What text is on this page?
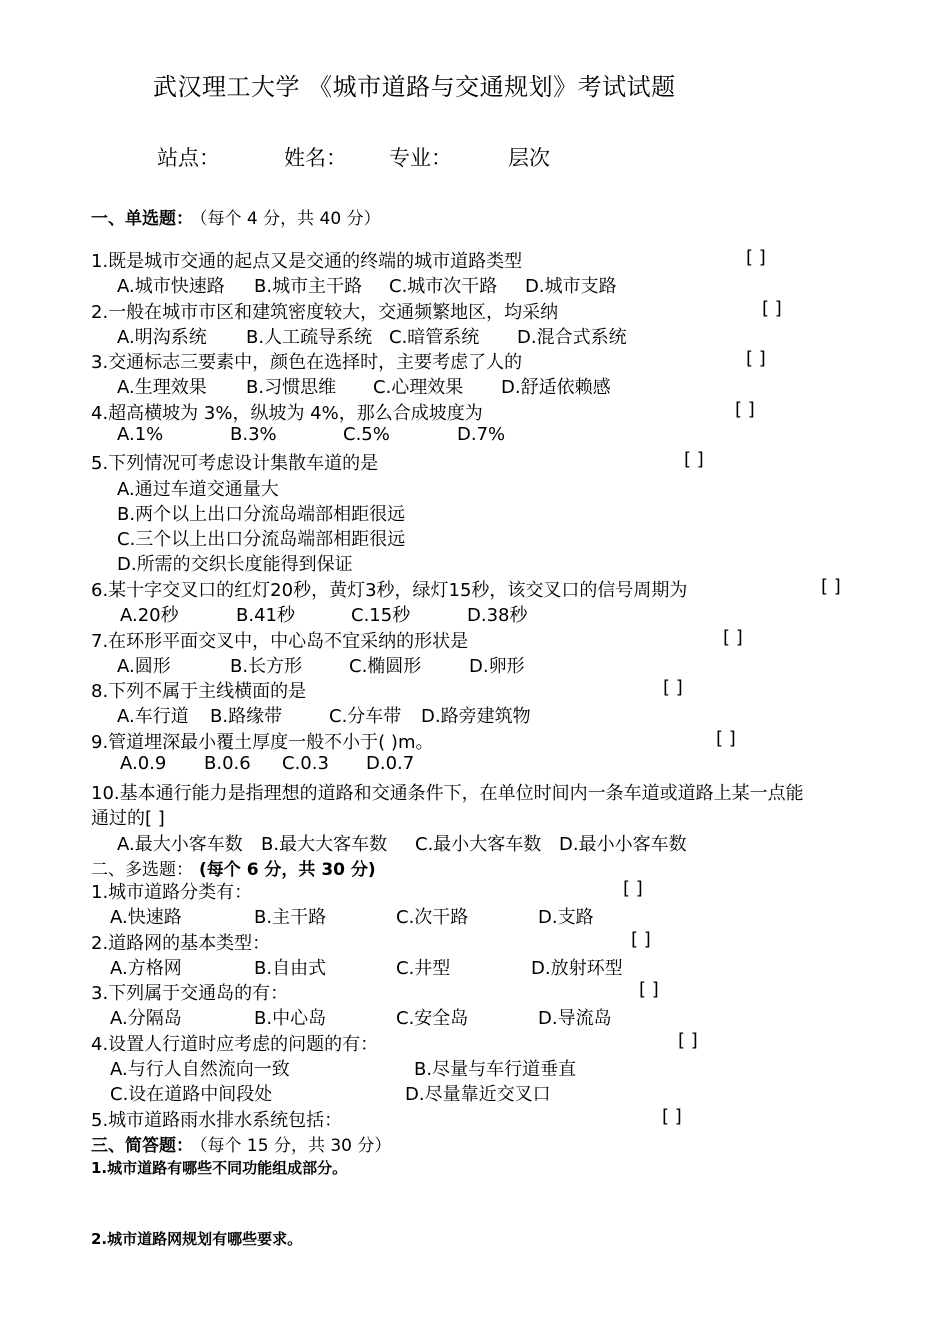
武汉理工大学 《城市道路与交通规划》考试试题
站点：	姓名： 专业：	层次
一、单选题： （每个 4 分，共 40 分）
1.既是城市交通的起点又是交通的终端的城市道路类型	[ ]
A.城市快速路 B.城市主干路 C.城市次干路 D.城市支路
2.一般在城市市区和建筑密度较大，交通频繁地区，均采纳	[ ]
A.明沟系统 B.人工疏导系统 C.暗管系统 D.混合式系统
3.交通标志三要素中，颜色在选择时，主要考虑了人的	[ ]
A.生理效果 B.习惯思维 C.心理效果 D.舒适依赖感
4.超高横坡为 3%，纵坡为 4%，那么合成坡度为	[ ]
A.1%	B.3%	C.5%	D.7%
5.下列情况可考虑设计集散车道的是	[ ]
A.通过车道交通量大
B.两个以上出口分流岛端部相距很远
C.三个以上出口分流岛端部相距很远
D.所需的交织长度能得到保证
6.某十字交叉口的红灯20秒，黄灯3秒，绿灯15秒，该交叉口的信号周期为	[ ]
A.20秒	B.41秒	C.15秒	D.38秒
7.在环形平面交叉中，中心岛不宜采纳的形状是	[ ]
A.圆形	B.长方形	C.椭圆形	D.卵形
8.下列不属于主线横面的是	[ ]
A.车行道 B.路缘带	C.分车带 D.路旁建筑物
9.管道埋深最小覆土厚度一般不小于( )m。	[ ]
A.0.9 B.0.6 C.0.3 D.0.7
10.基本通行能力是指理想的道路和交通条件下，在单位时间内一条车道或道路上某一点能
通过的[ ]
A.最大小客车数 B.最大大客车数 C.最小大客车数 D.最小小客车数
二、多选题： (每个 6 分，共 30 分)
1.城市道路分类有：	[ ]
A.快速路	B.主干路	C.次干路	D.支路
2.道路网的基本类型：	[ ]
A.方格网	B.自由式	C.井型	D.放射环型
3.下列属于交通岛的有：	[ ]
A.分隔岛	B.中心岛	C.安全岛	D.导流岛
4.设置人行道时应考虑的问题的有：	[ ]
A.与行人自然流向一致	B.尽量与车行道垂直
C.设在道路中间段处	D.尽量靠近交叉口
5.城市道路雨水排水系统包括：	[ ]
三、简答题： （每个 15 分，共 30 分）
1.城市道路有哪些不同功能组成部分。
2.城市道路网规划有哪些要求。
